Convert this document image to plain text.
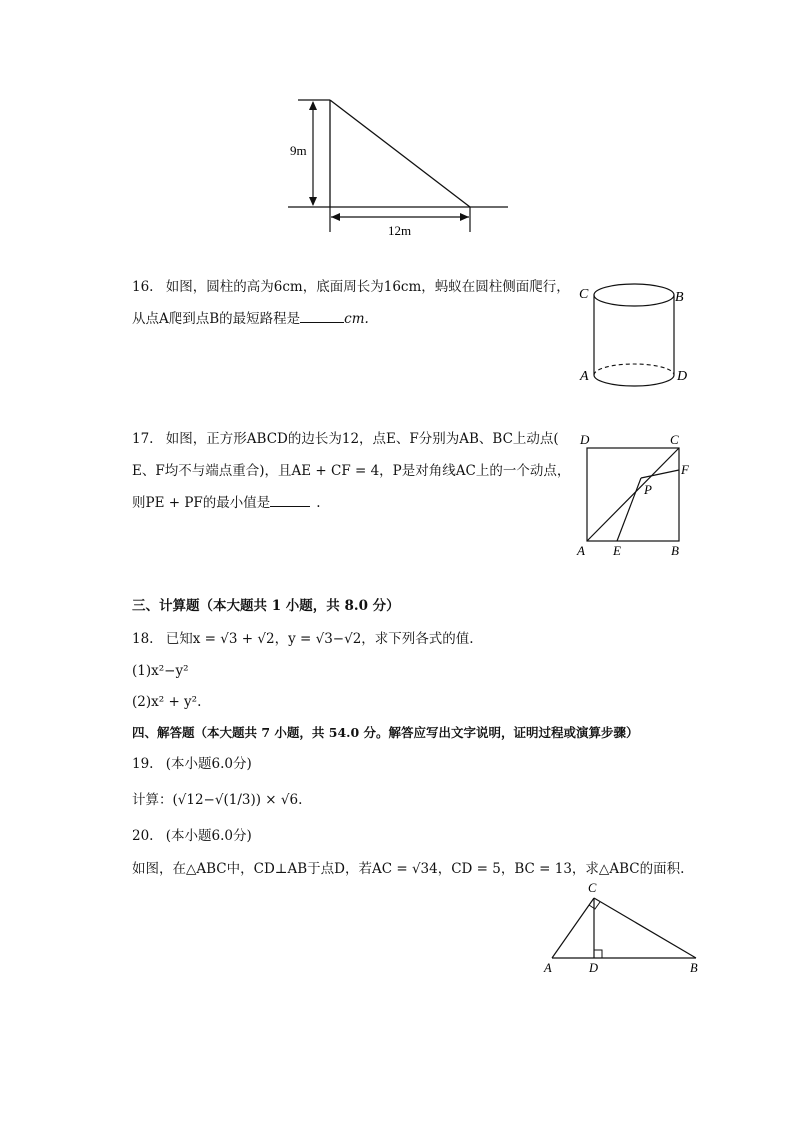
9m
12m
16. 如图，圆柱的高为6cm，底面周长为16cm，蚂蚁在圆柱侧面爬行，
从点A爬到点B的最短路程是	cm.
C	B
A	D
17. 如图，正方形ABCD的边长为12，点E、F分别为AB、BC上动点(
E、F均不与端点重合)，且AE + CF = 4，P是对角线AC上的一个动点，
则PE + PF的最小值是	.
D	C
F
P
A E	B
三、计算题（本大题共 1 小题，共 8.0 分）
18. 已知x = √3 + √2，y = √3−√2，求下列各式的值.
(1)x²−y²
(2)x² + y².
四、解答题（本大题共 7 小题，共 54.0 分。解答应写出文字说明，证明过程或演算步骤）
19. (本小题6.0分)
计算：(√12−√(1/3)) × √6.
20. (本小题6.0分)
如图，在△ABC中，CD⊥AB于点D，若AC = √34，CD = 5，BC = 13，求△ABC的面积.
C
A	D	B
